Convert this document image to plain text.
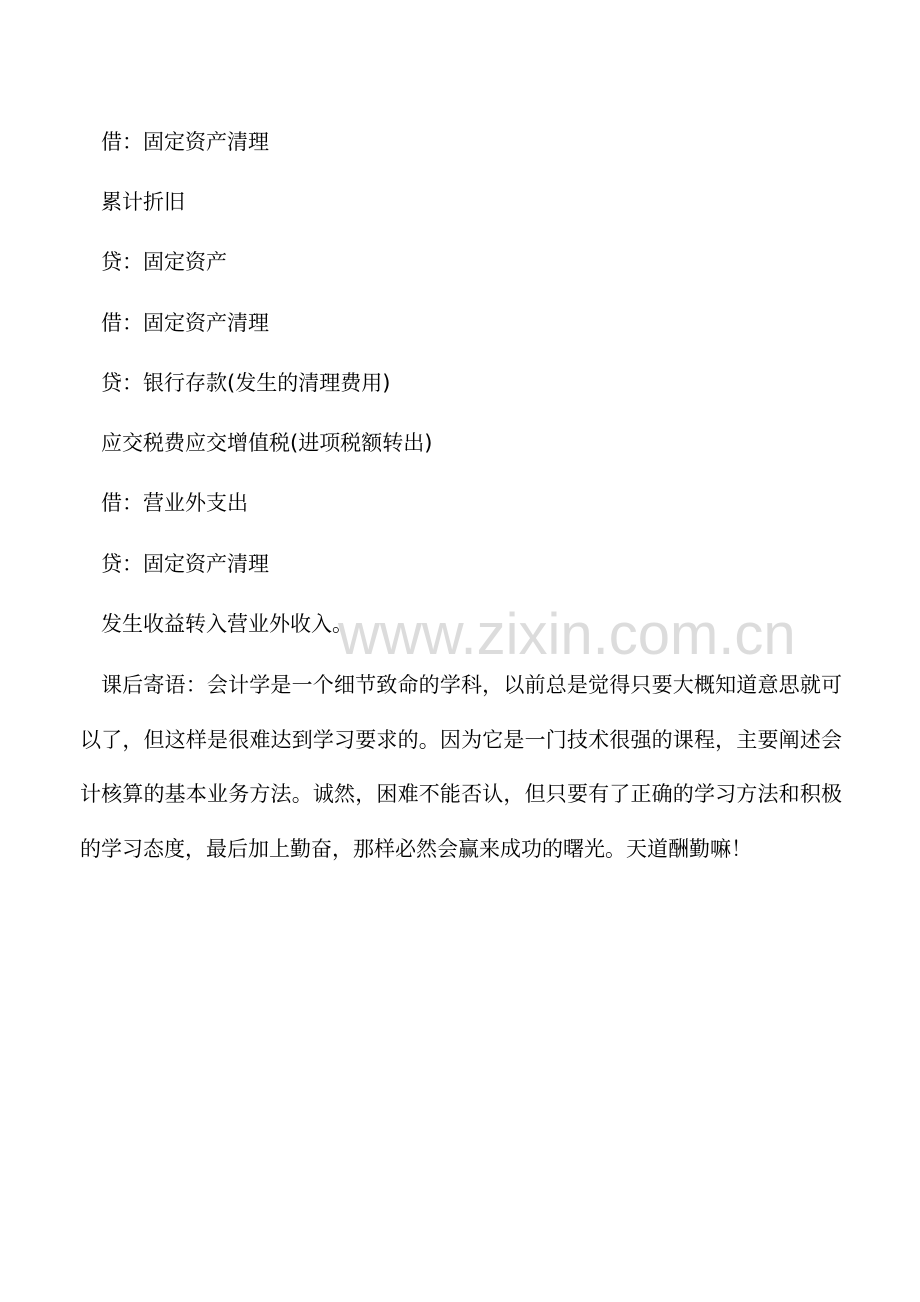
借：固定资产清理
累计折旧
贷：固定资产
借：固定资产清理
贷：银行存款(发生的清理费用)
应交税费应交增值税(进项税额转出)
借：营业外支出
贷：固定资产清理
发生收益转入营业外收入。
课后寄语：会计学是一个细节致命的学科，以前总是觉得只要大概知道意思就可以了，但这样是很难达到学习要求的。因为它是一门技术很强的课程，主要阐述会计核算的基本业务方法。诚然，困难不能否认，但只要有了正确的学习方法和积极的学习态度，最后加上勤奋，那样必然会赢来成功的曙光。天道酬勤嘛！
www.zixin.com.cn
